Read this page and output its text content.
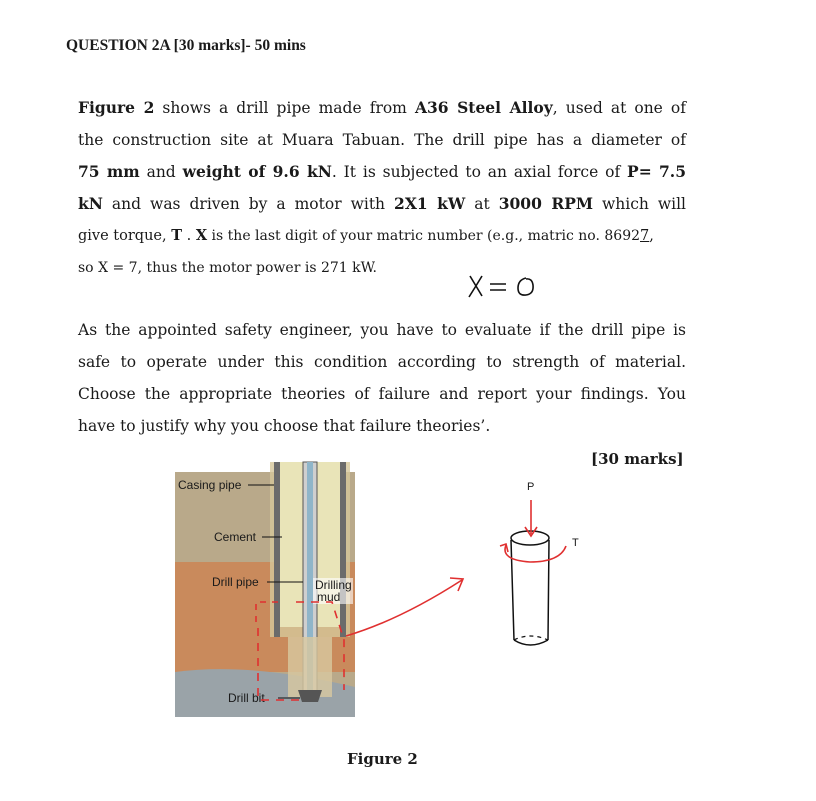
QUESTION 2A [30 marks]- 50 mins
Figure 2 shows a drill pipe made from A36 Steel Alloy, used at one of
the construction site at Muara Tabuan. The drill pipe has a diameter of
75 mm and weight of 9.6 kN. It is subjected to an axial force of P= 7.5
kN and was driven by a motor with 2X1 kW at 3000 RPM which will
give torque, T . X is the last digit of your matric number (e.g., matric no. 86927,
so X = 7, thus the motor power is 271 kW.	X= 0
As the appointed safety engineer, you have to evaluate if the drill pipe is
safe to operate under this condition according to strength of material.
Choose the appropriate theories of failure and report your findings. You
have to justify why you choose that failure theories’.
[30 marks]
Casing pipe
Cement
Drill pipe	Drilling
mud
Drill bit
P
T
Figure 2
